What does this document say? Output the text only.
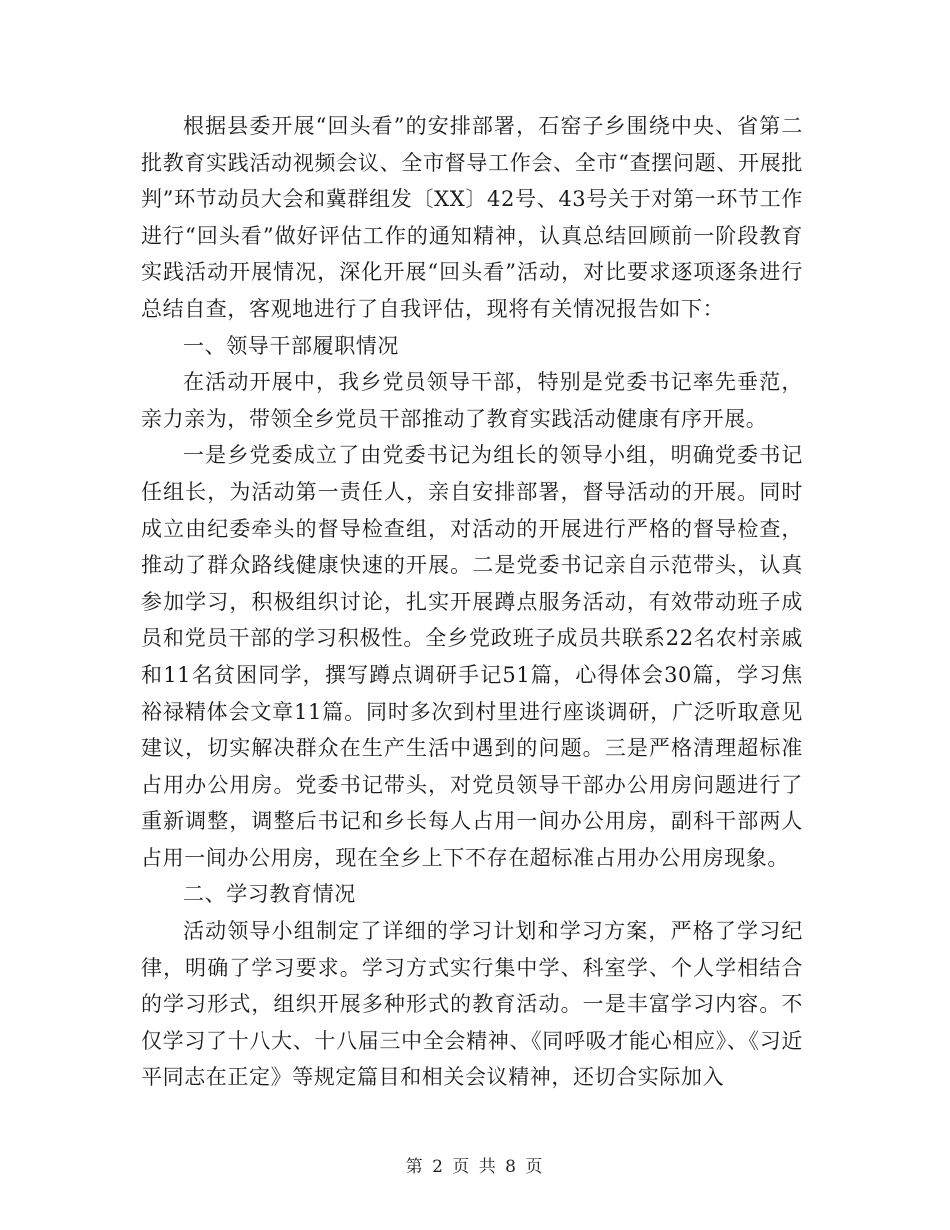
根据县委开展“回头看”的安排部署，石窑子乡围绕中央、省第二批教育实践活动视频会议、全市督导工作会、全市“查摆问题、开展批判”环节动员大会和冀群组发〔XX〕42号、43号关于对第一环节工作进行“回头看”做好评估工作的通知精神，认真总结回顾前一阶段教育实践活动开展情况，深化开展“回头看”活动，对比要求逐项逐条进行总结自查，客观地进行了自我评估，现将有关情况报告如下：

一、领导干部履职情况

在活动开展中，我乡党员领导干部，特别是党委书记率先垂范，亲力亲为，带领全乡党员干部推动了教育实践活动健康有序开展。

一是乡党委成立了由党委书记为组长的领导小组，明确党委书记任组长，为活动第一责任人，亲自安排部署，督导活动的开展。同时成立由纪委牵头的督导检查组，对活动的开展进行严格的督导检查，推动了群众路线健康快速的开展。二是党委书记亲自示范带头，认真参加学习，积极组织讨论，扎实开展蹲点服务活动，有效带动班子成员和党员干部的学习积极性。全乡党政班子成员共联系22名农村亲戚和11名贫困同学，撰写蹲点调研手记51篇，心得体会30篇，学习焦裕禄精体会文章11篇。同时多次到村里进行座谈调研，广泛听取意见建议，切实解决群众在生产生活中遇到的问题。三是严格清理超标准占用办公用房。党委书记带头，对党员领导干部办公用房问题进行了重新调整，调整后书记和乡长每人占用一间办公用房，副科干部两人占用一间办公用房，现在全乡上下不存在超标准占用办公用房现象。

二、学习教育情况

活动领导小组制定了详细的学习计划和学习方案，严格了学习纪律，明确了学习要求。学习方式实行集中学、科室学、个人学相结合的学习形式，组织开展多种形式的教育活动。一是丰富学习内容。不仅学习了十八大、十八届三中全会精神、《同呼吸才能心相应》、《习近平同志在正定》等规定篇目和相关会议精神，还切合实际加入

第 2 页 共 8 页
